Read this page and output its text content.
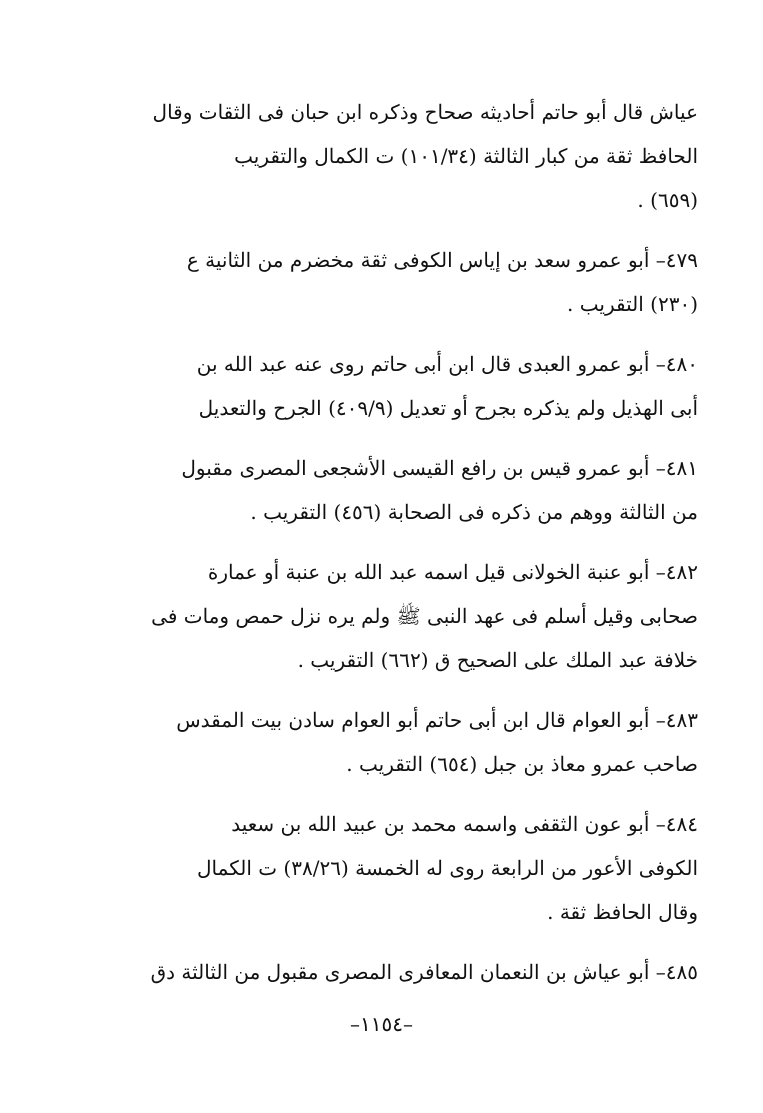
عياش قال أبو حاتم أحاديثه صحاح وذكره ابن حبان فى الثقات وقال
الحافظ ثقة من كبار الثالثة (١٠١/٣٤) ت الكمال والتقريب
(٦٥٩) .
٤٧٩– أبو عمرو سعد بن إياس الكوفى ثقة مخضرم من الثانية ع
(٢٣٠) التقريب .
٤٨٠– أبو عمرو العبدى قال ابن أبى حاتم روى عنه عبد الله بن
أبى الهذيل ولم يذكره بجرح أو تعديل (٤٠٩/٩) الجرح والتعديل
٤٨١– أبو عمرو قيس بن رافع القيسى الأشجعى المصرى مقبول
من الثالثة ووهم من ذكره فى الصحابة (٤٥٦) التقريب .
٤٨٢– أبو عنبة الخولانى قيل اسمه عبد الله بن عنبة أو عمارة
صحابى وقيل أسلم فى عهد النبى ﷺ ولم يره نزل حمص ومات فى
خلافة عبد الملك على الصحيح ق (٦٦٢) التقريب .
٤٨٣– أبو العوام قال ابن أبى حاتم أبو العوام سادن بيت المقدس
صاحب عمرو معاذ بن جبل (٦٥٤) التقريب .
٤٨٤– أبو عون الثقفى واسمه محمد بن عبيد الله بن سعيد
الكوفى الأعور من الرابعة روى له الخمسة (٣٨/٢٦) ت الكمال
وقال الحافظ ثقة .
٤٨٥– أبو عياش بن النعمان المعافرى المصرى مقبول من الثالثة دق
–١١٥٤–
